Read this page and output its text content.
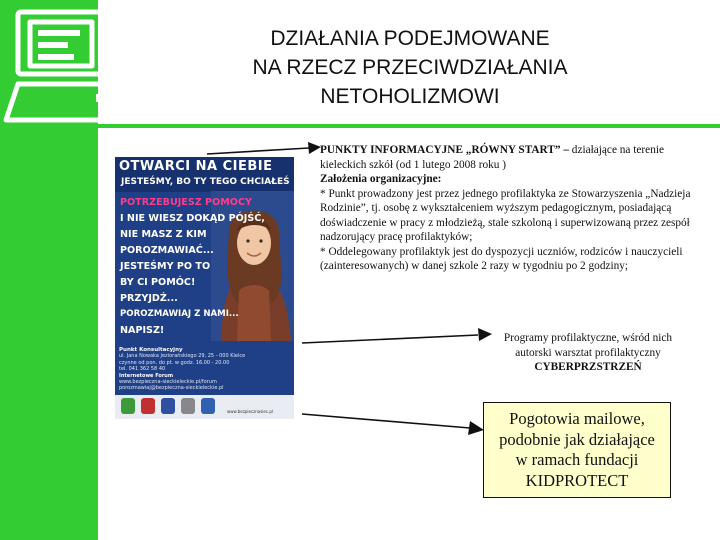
DZIAŁANIA PODEJMOWANE
NA RZECZ PRZECIWDZIAŁANIA
NETOHOLIZMOWI
PUNKTY INFORMACYJNE „RÓWNY START” – działające na terenie kieleckich szkół (od 1 lutego 2008 roku )
Założenia organizacyjne:
* Punkt prowadzony jest przez jednego profilaktyka ze Stowarzyszenia „Nadzieja Rodzinie”, tj. osobę z wykształceniem wyższym pedagogicznym, posiadającą doświadczenie w pracy z młodzieżą, stale szkoloną i superwizowaną przez zespół nadzorujący pracę profilaktyków;
* Oddelegowany profilaktyk jest do dyspozycji uczniów, rodziców i nauczycieli (zainteresowanych) w danej szkole 2 razy w tygodniu po 2 godziny;
Programy profilaktyczne, wśród nich
autorski warsztat profilaktyczny
CYBERPRZSTRZEŃ
Pogotowia mailowe,
podobnie jak działające
w ramach fundacji
KIDPROTECT
OTWARCI NA CIEBIE
JESTEŚMY, BO TY TEGO CHCIAŁEŚ
POTRZEBUJESZ POMOCY
I NIE WIESZ DOKĄD PÓJŚĆ,
NIE MASZ Z KIM
POROZMAWIAĆ...
JESTEŚMY PO TO
BY CI POMÓC!
PRZYJDŹ...
POROZMAWIAJ Z NAMI...
NAPISZ!
Punkt Konsultacyjny
ul. Jana Nowaka Jeziorańskiego 29, 25 - 000 Kielce
czynne od pon. do pt. w godz. 16.00 - 20.00
tel. 041 362 58 40
Internetowe Forum
www.bezpieczna-sieckieleckie.pl/forum
porozmawiaj@bezpieczna-sieckieleckie.pl
www.bezpiecznasiec.pl
